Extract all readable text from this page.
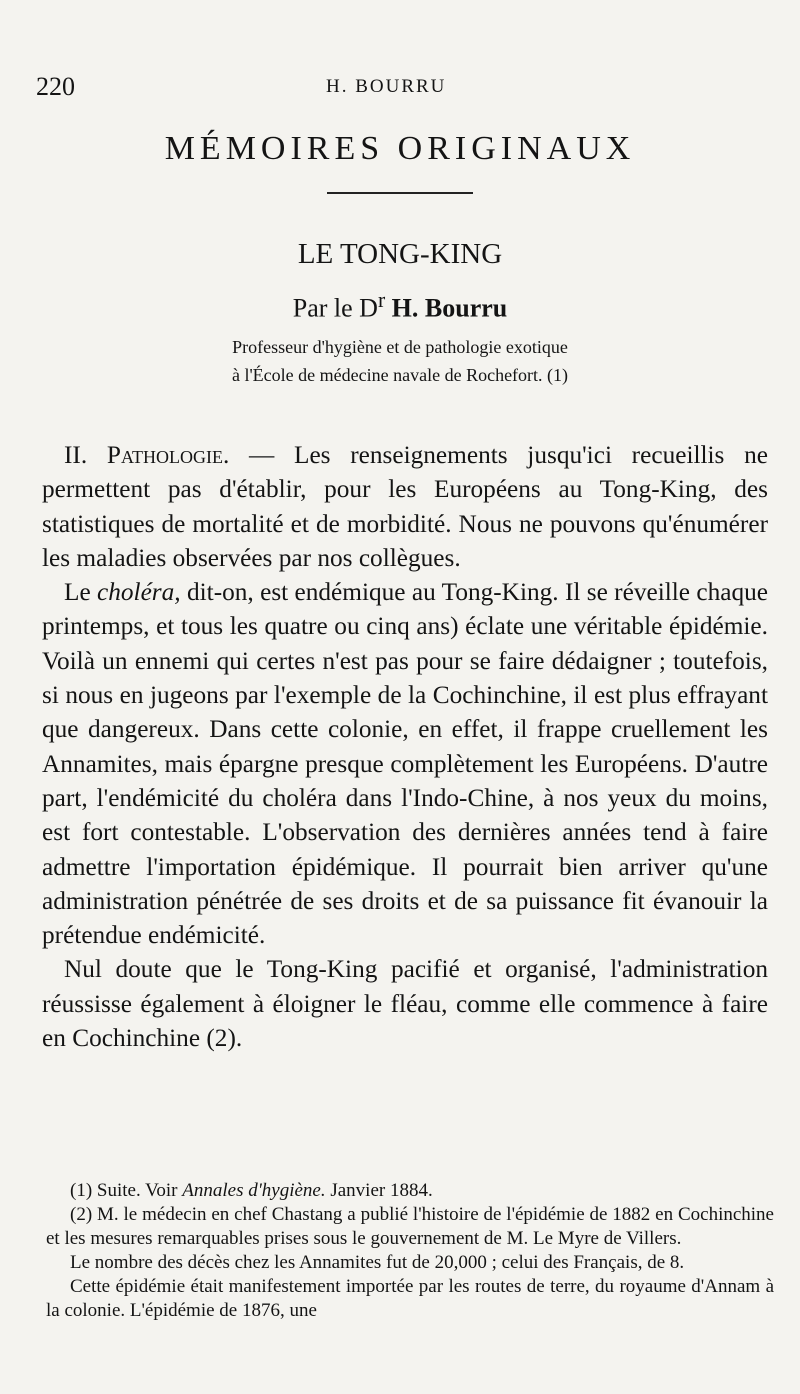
220	H. BOURRU
MÉMOIRES ORIGINAUX
LE TONG-KING
Par le $D^r$ H. Bourru
Professeur d'hygiène et de pathologie exotique
à l'École de médecine navale de Rochefort. (1)

II. Pathologie. — Les renseignements jusqu'ici recueillis ne permettent pas d'établir, pour les Européens au Tong-King, des statistiques de mortalité et de morbidité. Nous ne pouvons qu'énumérer les maladies observées par nos collègues.

Le choléra, dit-on, est endémique au Tong-King. Il se réveille chaque printemps, et tous les quatre ou cinq ans) éclate une véritable épidémie. Voilà un ennemi qui certes n'est pas pour se faire dédaigner ; toutefois, si nous en jugeons par l'exemple de la Cochinchine, il est plus effrayant que dangereux. Dans cette colonie, en effet, il frappe cruellement les Annamites, mais épargne presque complètement les Européens. D'autre part, l'endémicité du choléra dans l'Indo-Chine, à nos yeux du moins, est fort contestable. L'observation des dernières années tend à faire admettre l'importation épidémique. Il pourrait bien arriver qu'une administration pénétrée de ses droits et de sa puissance fit évanouir la prétendue endémicité.

Nul doute que le Tong-King pacifié et organisé, l'administration réussisse également à éloigner le fléau, comme elle commence à faire en Cochinchine (2).

(1) Suite. Voir Annales d'hygiène. Janvier 1884.

(2) M. le médecin en chef Chastang a publié l'histoire de l'épidémie de 1882 en Cochinchine et les mesures remarquables prises sous le gouvernement de M. Le Myre de Villers.

Le nombre des décès chez les Annamites fut de 20,000 ; celui des Français, de 8.

Cette épidémie était manifestement importée par les routes de terre, du royaume d'Annam à la colonie. L'épidémie de 1876, une
